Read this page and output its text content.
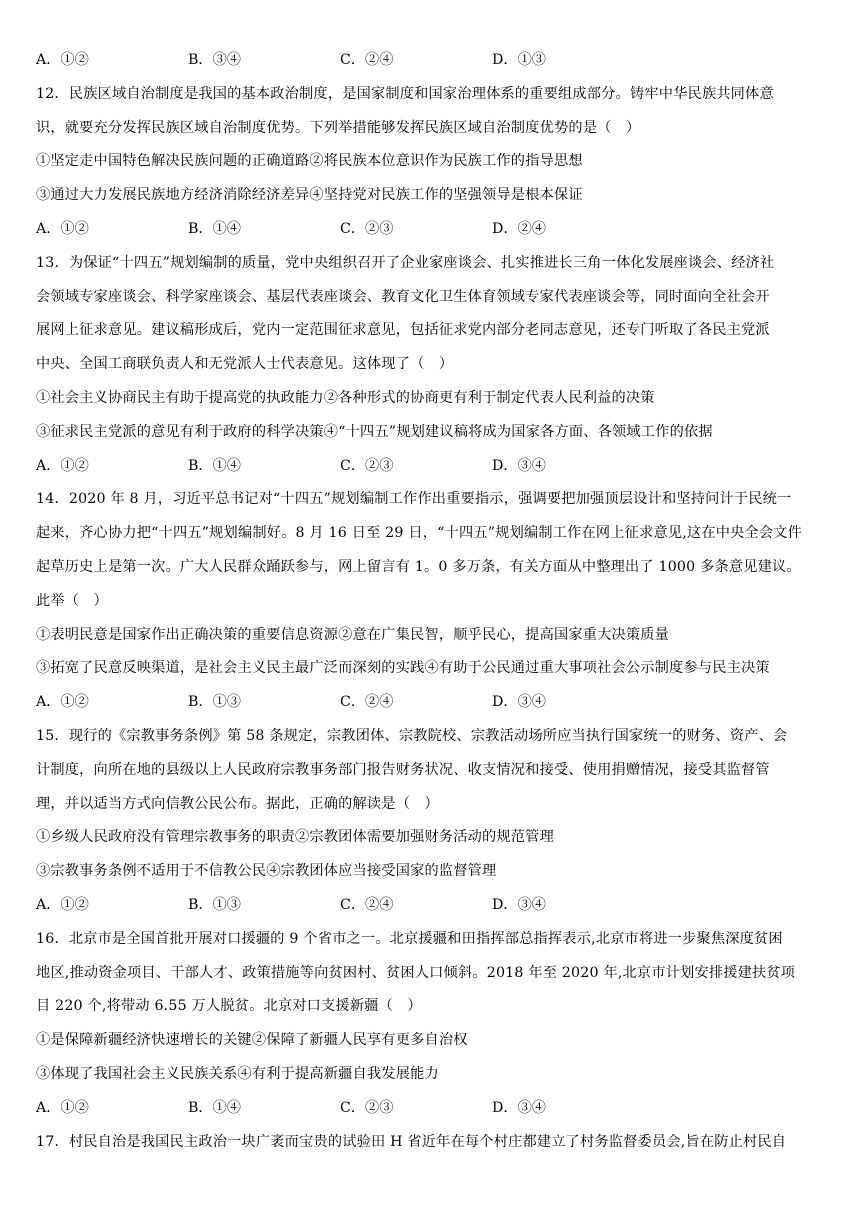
A．①②	B．③④	C．②④	D．①③
12．民族区域自治制度是我国的基本政治制度，是国家制度和国家治理体系的重要组成部分。铸牢中华民族共同体意
识，就要充分发挥民族区域自治制度优势。下列举措能够发挥民族区域自治制度优势的是（　）
①坚定走中国特色解决民族问题的正确道路②将民族本位意识作为民族工作的指导思想
③通过大力发展民族地方经济消除经济差异④坚持党对民族工作的坚强领导是根本保证
A．①②	B．①④	C．②③	D．②④
13．为保证“十四五”规划编制的质量，党中央组织召开了企业家座谈会、扎实推进长三角一体化发展座谈会、经济社
会领域专家座谈会、科学家座谈会、基层代表座谈会、教育文化卫生体育领域专家代表座谈会等，同时面向全社会开
展网上征求意见。建议稿形成后，党内一定范围征求意见，包括征求党内部分老同志意见，还专门听取了各民主党派
中央、全国工商联负责人和无党派人士代表意见。这体现了（　）
①社会主义协商民主有助于提高党的执政能力②各种形式的协商更有利于制定代表人民利益的决策
③征求民主党派的意见有利于政府的科学决策④“十四五”规划建议稿将成为国家各方面、各领域工作的依据
A．①②	B．①④	C．②③	D．③④
14．2020 年 8 月，习近平总书记对“十四五”规划编制工作作出重要指示，强调要把加强顶层设计和坚持问计于民统一
起来，齐心协力把“十四五”规划编制好。8 月 16 日至 29 日，“十四五”规划编制工作在网上征求意见,这在中央全会文件
起草历史上是第一次。广大人民群众踊跃参与，网上留言有 1。0 多万条，有关方面从中整理出了 1000 多条意见建议。
此举（　）
①表明民意是国家作出正确决策的重要信息资源②意在广集民智，顺乎民心，提高国家重大决策质量
③拓宽了民意反映渠道，是社会主义民主最广泛而深刻的实践④有助于公民通过重大事项社会公示制度参与民主决策
A．①②	B．①③	C．②④	D．③④
15．现行的《宗教事务条例》第 58 条规定，宗教团体、宗教院校、宗教活动场所应当执行国家统一的财务、资产、会
计制度，向所在地的县级以上人民政府宗教事务部门报告财务状况、收支情况和接受、使用捐赠情况，接受其监督管
理，并以适当方式向信教公民公布。据此，正确的解读是（　）
①乡级人民政府没有管理宗教事务的职责②宗教团体需要加强财务活动的规范管理
③宗教事务条例不适用于不信教公民④宗教团体应当接受国家的监督管理
A．①②	B．①③	C．②④	D．③④
16．北京市是全国首批开展对口援疆的 9 个省市之一。北京援疆和田指挥部总指挥表示,北京市将进一步聚焦深度贫困
地区,推动资金项目、干部人才、政策措施等向贫困村、贫困人口倾斜。2018 年至 2020 年,北京市计划安排援建扶贫项
目 220 个,将带动 6.55 万人脱贫。北京对口支援新疆（　）
①是保障新疆经济快速增长的关键②保障了新疆人民享有更多自治权
③体现了我国社会主义民族关系④有利于提高新疆自我发展能力
A．①②	B．①④	C．②③	D．③④
17．村民自治是我国民主政治一块广袤而宝贵的试验田 H 省近年在每个村庄都建立了村务监督委员会,旨在防止村民自
